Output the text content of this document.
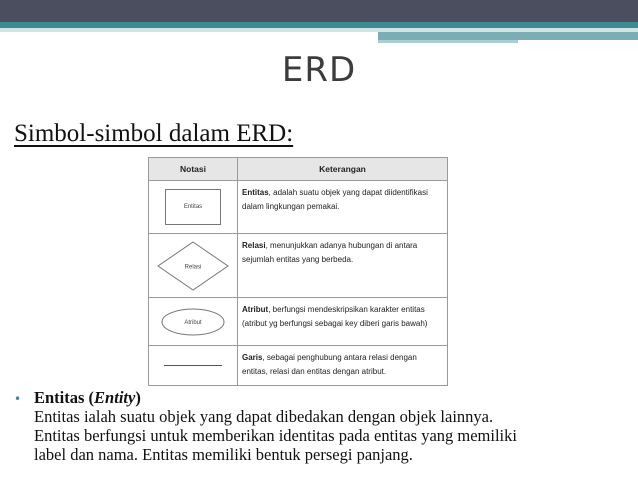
ERD
Simbol-simbol dalam ERD:
Notasi	Keterangan

Entitas	Entitas, adalah suatu objek yang dapat diidentifikasi dalam lingkungan pemakai.

Relasi	Relasi, menunjukkan adanya hubungan di antara sejumlah entitas yang berbeda.

Atribut	Atribut, berfungsi mendeskripsikan karakter entitas (atribut yg berfungsi sebagai key diberi garis bawah)

	Garis, sebagai penghubung antara relasi dengan entitas, relasi dan entitas dengan atribut.
• Entitas (Entity)
Entitas ialah suatu objek yang dapat dibedakan dengan objek lainnya.
Entitas berfungsi untuk memberikan identitas pada entitas yang memiliki
label dan nama. Entitas memiliki bentuk persegi panjang.
